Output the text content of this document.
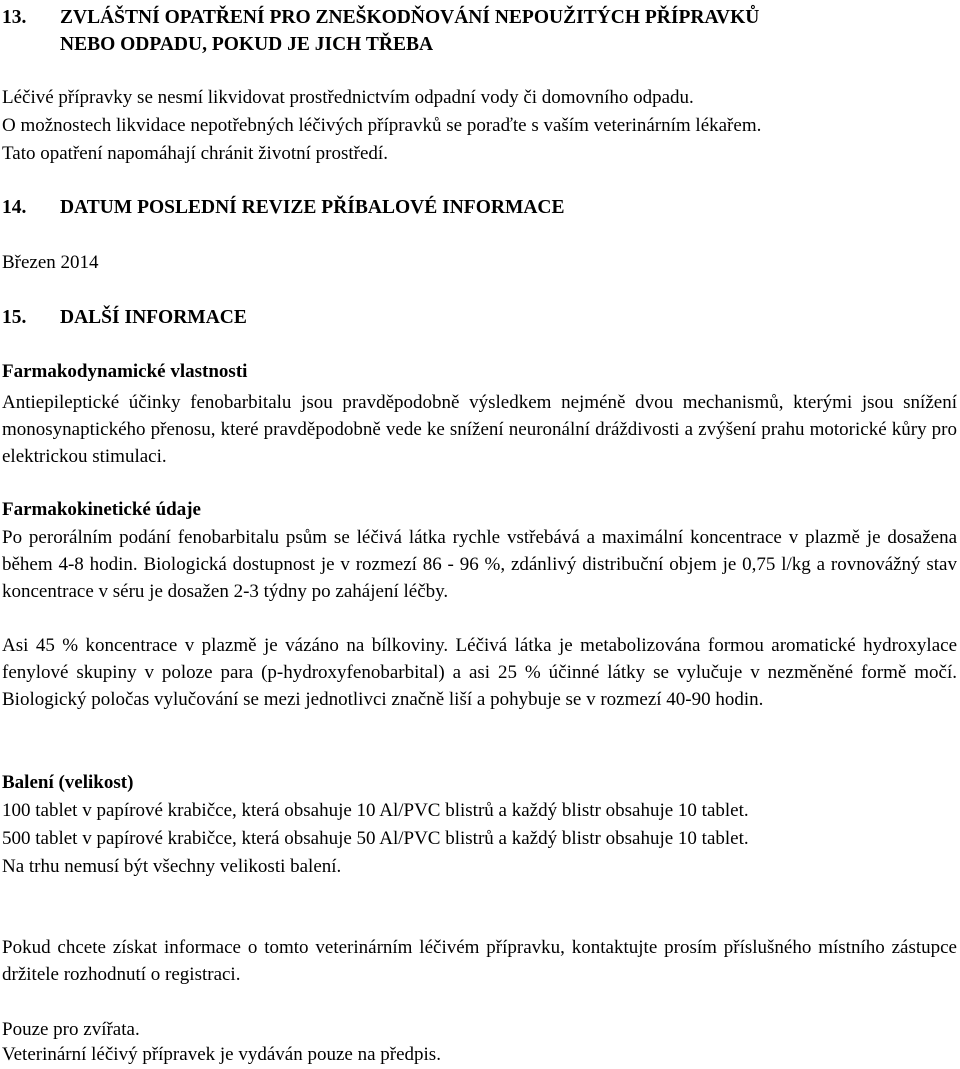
13.	ZVLÁŠTNÍ OPATŘENÍ PRO ZNEŠKODŇOVÁNÍ NEPOUŽITÝCH PŘÍPRAVKŮ
NEBO ODPADU, POKUD JE JICH TŘEBA

Léčivé přípravky se nesmí likvidovat prostřednictvím odpadní vody či domovního odpadu.

O možnostech likvidace nepotřebných léčivých přípravků se poraďte s vaším veterinárním lékařem.

Tato opatření napomáhají chránit životní prostředí.

14.	DATUM POSLEDNÍ REVIZE PŘÍBALOVÉ INFORMACE

Březen 2014

15.	DALŠÍ INFORMACE

Farmakodynamické vlastnosti

Antiepileptické účinky fenobarbitalu jsou pravděpodobně výsledkem nejméně dvou mechanismů, kterými jsou snížení monosynaptického přenosu, které pravděpodobně vede ke snížení neuronální dráždivosti a zvýšení prahu motorické kůry pro elektrickou stimulaci.

Farmakokinetické údaje

Po perorálním podání fenobarbitalu psům se léčivá látka rychle vstřebává a maximální koncentrace v plazmě je dosažena během 4-8 hodin. Biologická dostupnost je v rozmezí 86 - 96 %, zdánlivý distribuční objem je 0,75 l/kg a rovnovážný stav koncentrace v séru je dosažen 2-3 týdny po zahájení léčby.

Asi 45 % koncentrace v plazmě je vázáno na bílkoviny. Léčivá látka je metabolizována formou aromatické hydroxylace fenylové skupiny v poloze para (p-hydroxyfenobarbital) a asi 25 % účinné látky se vylučuje v nezměněné formě močí. Biologický poločas vylučování se mezi jednotlivci značně liší a pohybuje se v rozmezí 40-90 hodin.

Balení (velikost)

100 tablet v papírové krabičce, která obsahuje 10 Al/PVC blistrů a každý blistr obsahuje 10 tablet.

500 tablet v papírové krabičce, která obsahuje 50 Al/PVC blistrů a každý blistr obsahuje 10 tablet.

Na trhu nemusí být všechny velikosti balení.

Pokud chcete získat informace o tomto veterinárním léčivém přípravku, kontaktujte prosím příslušného místního zástupce držitele rozhodnutí o registraci.

Pouze pro zvířata.

Veterinární léčivý přípravek je vydáván pouze na předpis.
